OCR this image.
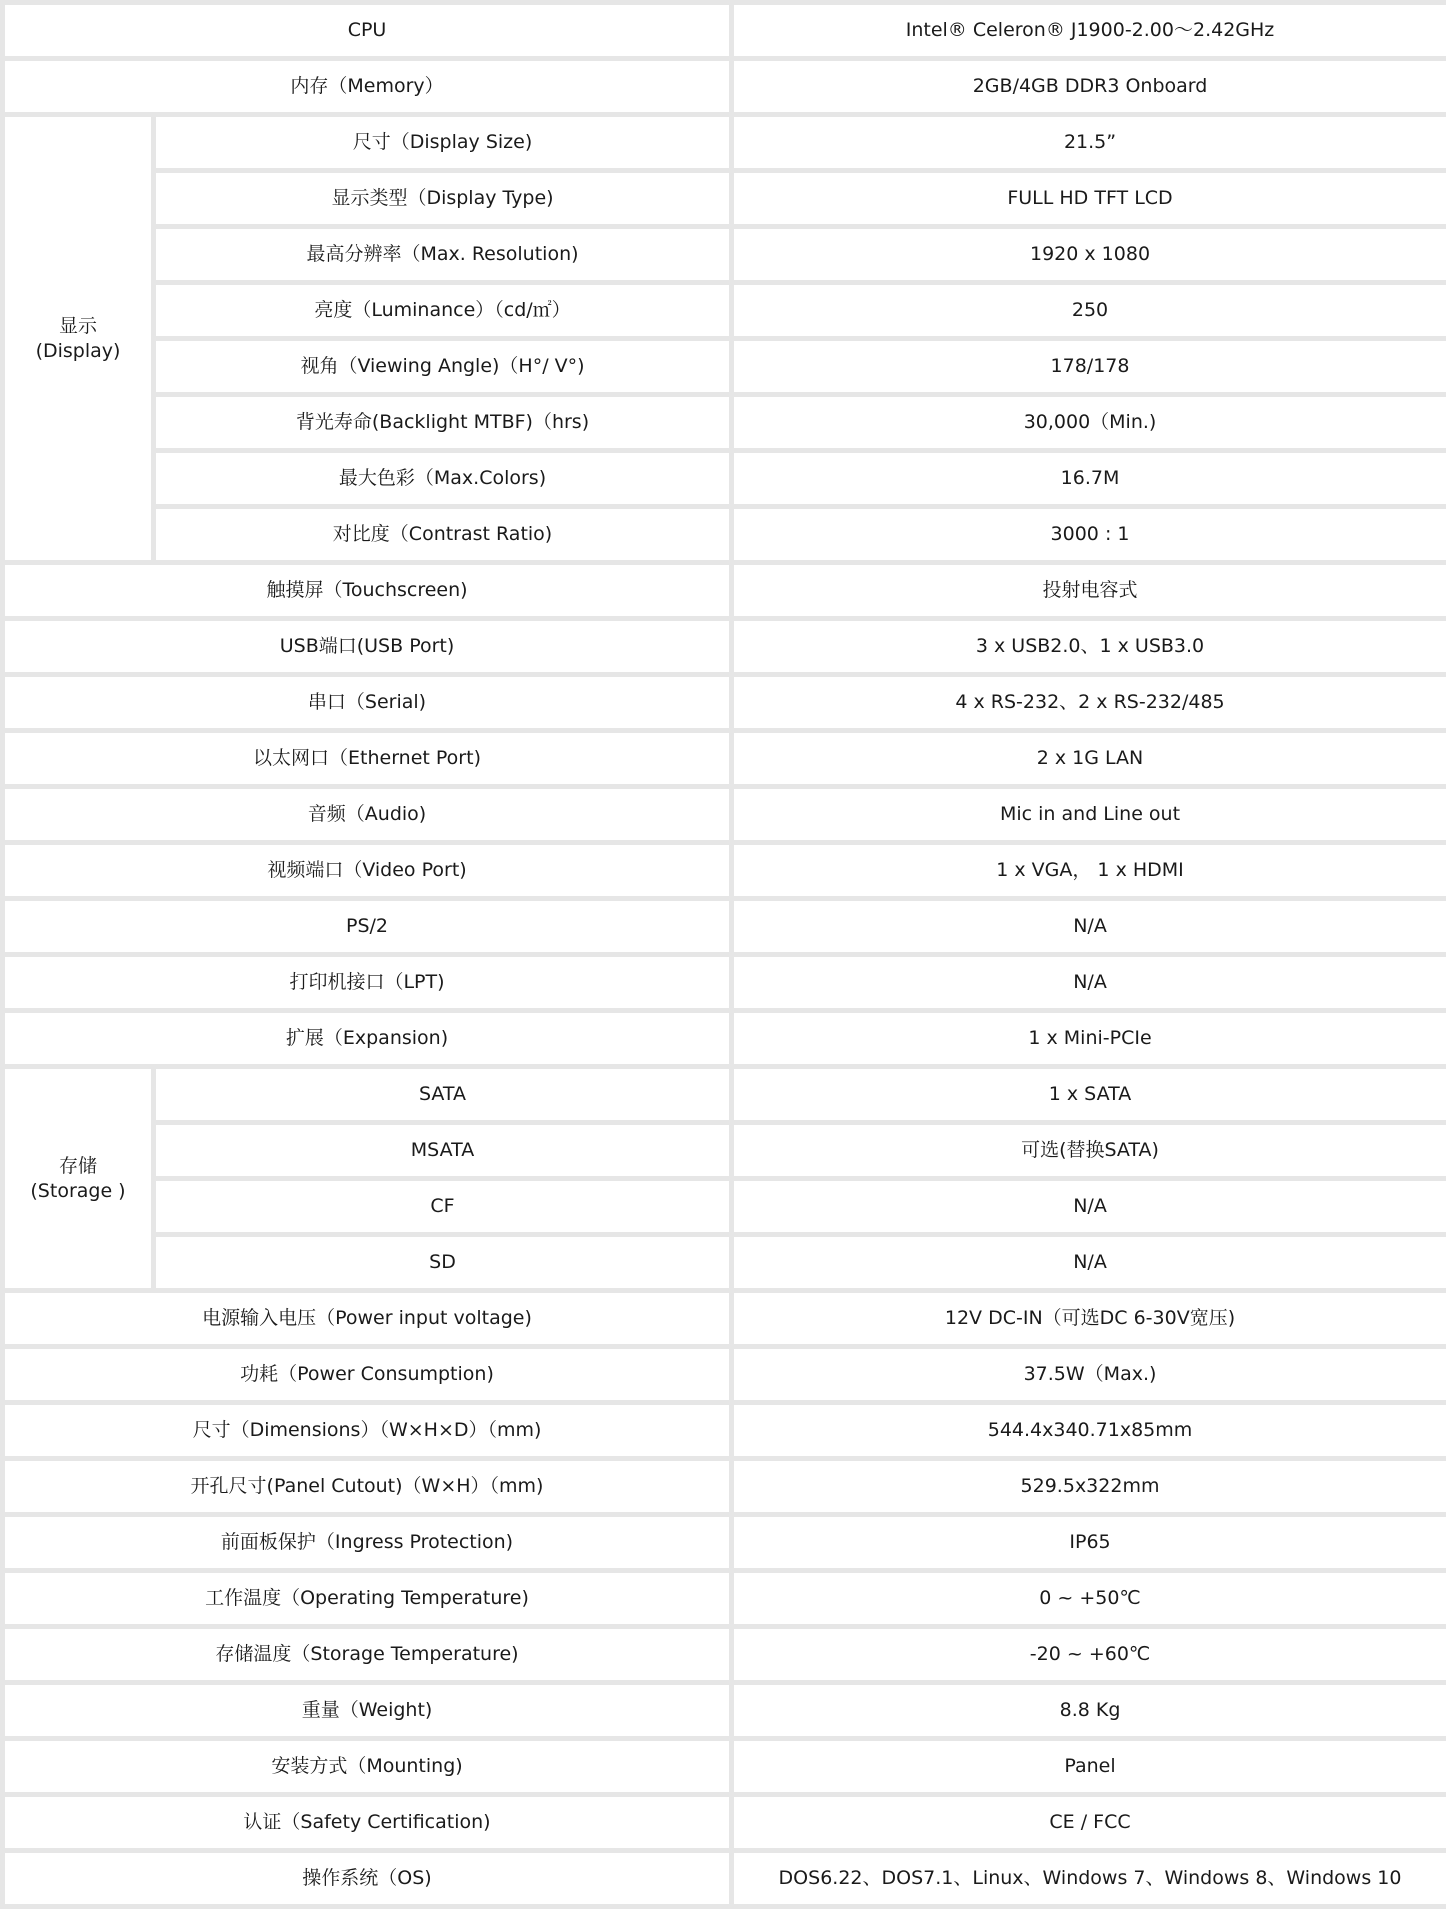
CPU		Intel® Celeron® J1900-2.00～2.42GHz
内存（Memory）		2GB/4GB DDR3 Onboard

显示
(Display)	尺寸（Display Size)	21.5”
	显示类型（Display Type)	FULL HD TFT LCD
	最高分辨率（Max. Resolution)	1920 x 1080
	亮度（Luminance）（cd/㎡）	250
	视角（Viewing Angle)（H°/ V°)	178/178
	背光寿命(Backlight MTBF)（hrs)	30,000（Min.)
	最大色彩（Max.Colors)	16.7M
	对比度（Contrast Ratio)	3000 : 1
触摸屏（Touchscreen)		投射电容式
USB端口(USB Port)		3 x USB2.0、1 x USB3.0
串口（Serial)		4 x RS-232、2 x RS-232/485
以太网口（Ethernet Port)		2 x 1G LAN
音频（Audio)		Mic in and Line out
视频端口（Video Port)		1 x VGA， 1 x HDMI
PS/2		N/A
打印机接口（LPT)		N/A
扩展（Expansion)		1 x Mini-PCIe

存储
(Storage )	SATA	1 x SATA
	MSATA	可选(替换SATA)
	CF	N/A
	SD	N/A
电源输入电压（Power input voltage)		12V DC-IN（可选DC 6-30V宽压)
功耗（Power Consumption)		37.5W（Max.)
尺寸（Dimensions）（W×H×D）（mm)		544.4x340.71x85mm
开孔尺寸(Panel Cutout)（W×H）（mm)		529.5x322mm
前面板保护（Ingress Protection)		IP65
工作温度（Operating Temperature)		0 ~ +50℃
存储温度（Storage Temperature)		-20 ~ +60℃
重量（Weight)		8.8 Kg
安装方式（Mounting)		Panel
认证（Safety Certification)		CE / FCC
操作系统（OS)		DOS6.22、DOS7.1、Linux、Windows 7、Windows 8、Windows 10
